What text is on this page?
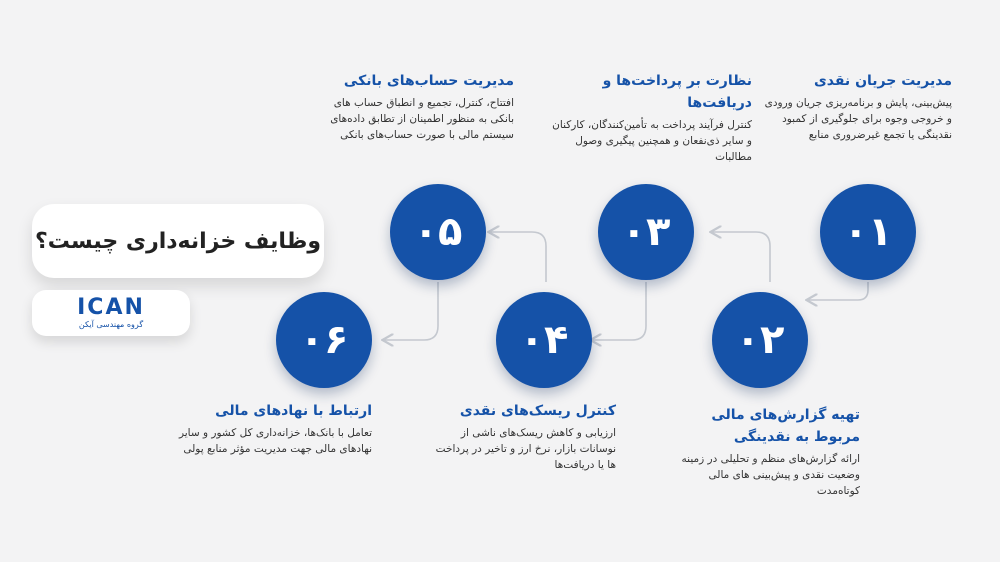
۰۱
۰۲
۰۳
۰۴
۰۵
۰۶
مدیریت جریان نقدی
پیش‌بینی، پایش و برنامه‌ریزی جریان ورودی و خروجی وجوه برای جلوگیری از کمبود نقدینگی یا تجمع غیرضروری منابع
نظارت بر پرداخت‌ها و دریافت‌ها
کنترل فرآیند پرداخت به تأمین‌کنندگان، کارکنان و سایر ذی‌نفعان و همچنین پیگیری وصول مطالبات
مدیریت حساب‌های بانکی
افتتاح، کنترل، تجمیع و انطباق حساب های بانکی به منظور اطمینان از تطابق داده‌های سیستم مالی با صورت حساب‌های بانکی
تهیه گزارش‌های مالی مربوط به نقدینگی
ارائه گزارش‌های منظم و تحلیلی در زمینه وضعیت نقدی و پیش‌بینی های مالی کوتاه‌مدت
کنترل ریسک‌های نقدی
ارزیابی و کاهش ریسک‌های ناشی از نوسانات بازار، نرخ ارز و تاخیر در پرداخت ها یا دریافت‌ها
ارتباط با نهادهای مالی
تعامل با بانک‌ها، خزانه‌داری کل کشور و سایر نهادهای مالی جهت مدیریت مؤثر منابع پولی
وظایف خزانه‌داری چیست؟
ICAN
گروه مهندسی آیکن
